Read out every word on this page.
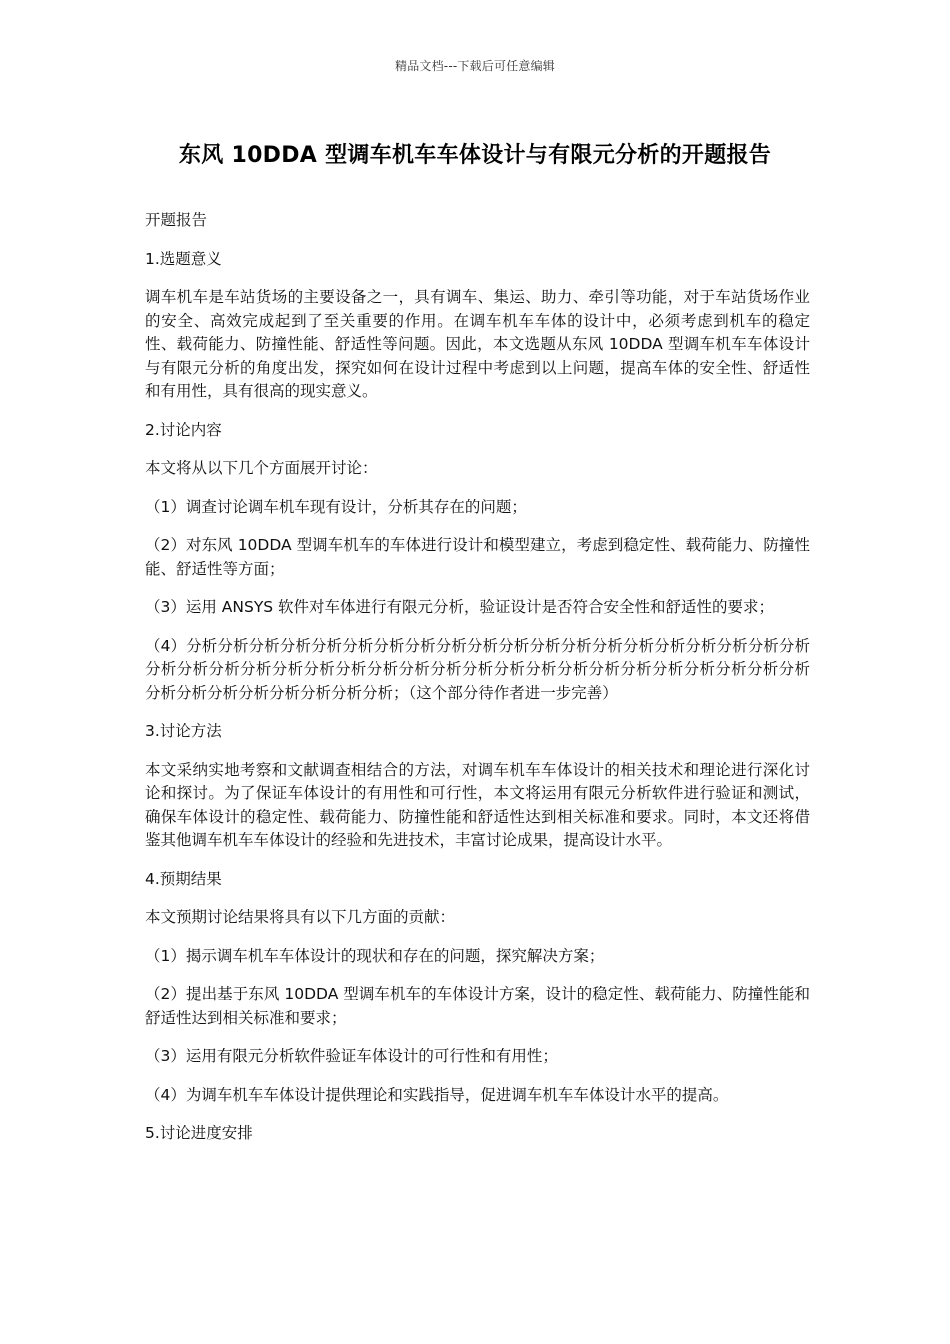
精品文档---下载后可任意编辑
东风 10DDA 型调车机车车体设计与有限元分析的开题报告

开题报告

1.选题意义

调车机车是车站货场的主要设备之一，具有调车、集运、助力、牵引等功能，对于车站货场作业的安全、高效完成起到了至关重要的作用。在调车机车车体的设计中，必须考虑到机车的稳定性、载荷能力、防撞性能、舒适性等问题。因此，本文选题从东风 10DDA 型调车机车车体设计与有限元分析的角度出发，探究如何在设计过程中考虑到以上问题，提高车体的安全性、舒适性和有用性，具有很高的现实意义。

2.讨论内容

本文将从以下几个方面展开讨论：

（1）调查讨论调车机车现有设计，分析其存在的问题；

（2）对东风 10DDA 型调车机车的车体进行设计和模型建立，考虑到稳定性、载荷能力、防撞性能、舒适性等方面；

（3）运用 ANSYS 软件对车体进行有限元分析，验证设计是否符合安全性和舒适性的要求；

（4）分析分析分析分析分析分析分析分析分析分析分析分析分析分析分析分析分析分析分析分析分析分析分析分析分析分析分析分析分析分析分析分析分析分析分析分析分析分析分析分析分析分析分析分析分析分析分析分析分析；（这个部分待作者进一步完善）

3.讨论方法

本文采纳实地考察和文献调查相结合的方法，对调车机车车体设计的相关技术和理论进行深化讨论和探讨。为了保证车体设计的有用性和可行性，本文将运用有限元分析软件进行验证和测试，确保车体设计的稳定性、载荷能力、防撞性能和舒适性达到相关标准和要求。同时，本文还将借鉴其他调车机车车体设计的经验和先进技术，丰富讨论成果，提高设计水平。

4.预期结果

本文预期讨论结果将具有以下几方面的贡献：

（1）揭示调车机车车体设计的现状和存在的问题，探究解决方案；

（2）提出基于东风 10DDA 型调车机车的车体设计方案，设计的稳定性、载荷能力、防撞性能和舒适性达到相关标准和要求；

（3）运用有限元分析软件验证车体设计的可行性和有用性；

（4）为调车机车车体设计提供理论和实践指导，促进调车机车车体设计水平的提高。

5.讨论进度安排
